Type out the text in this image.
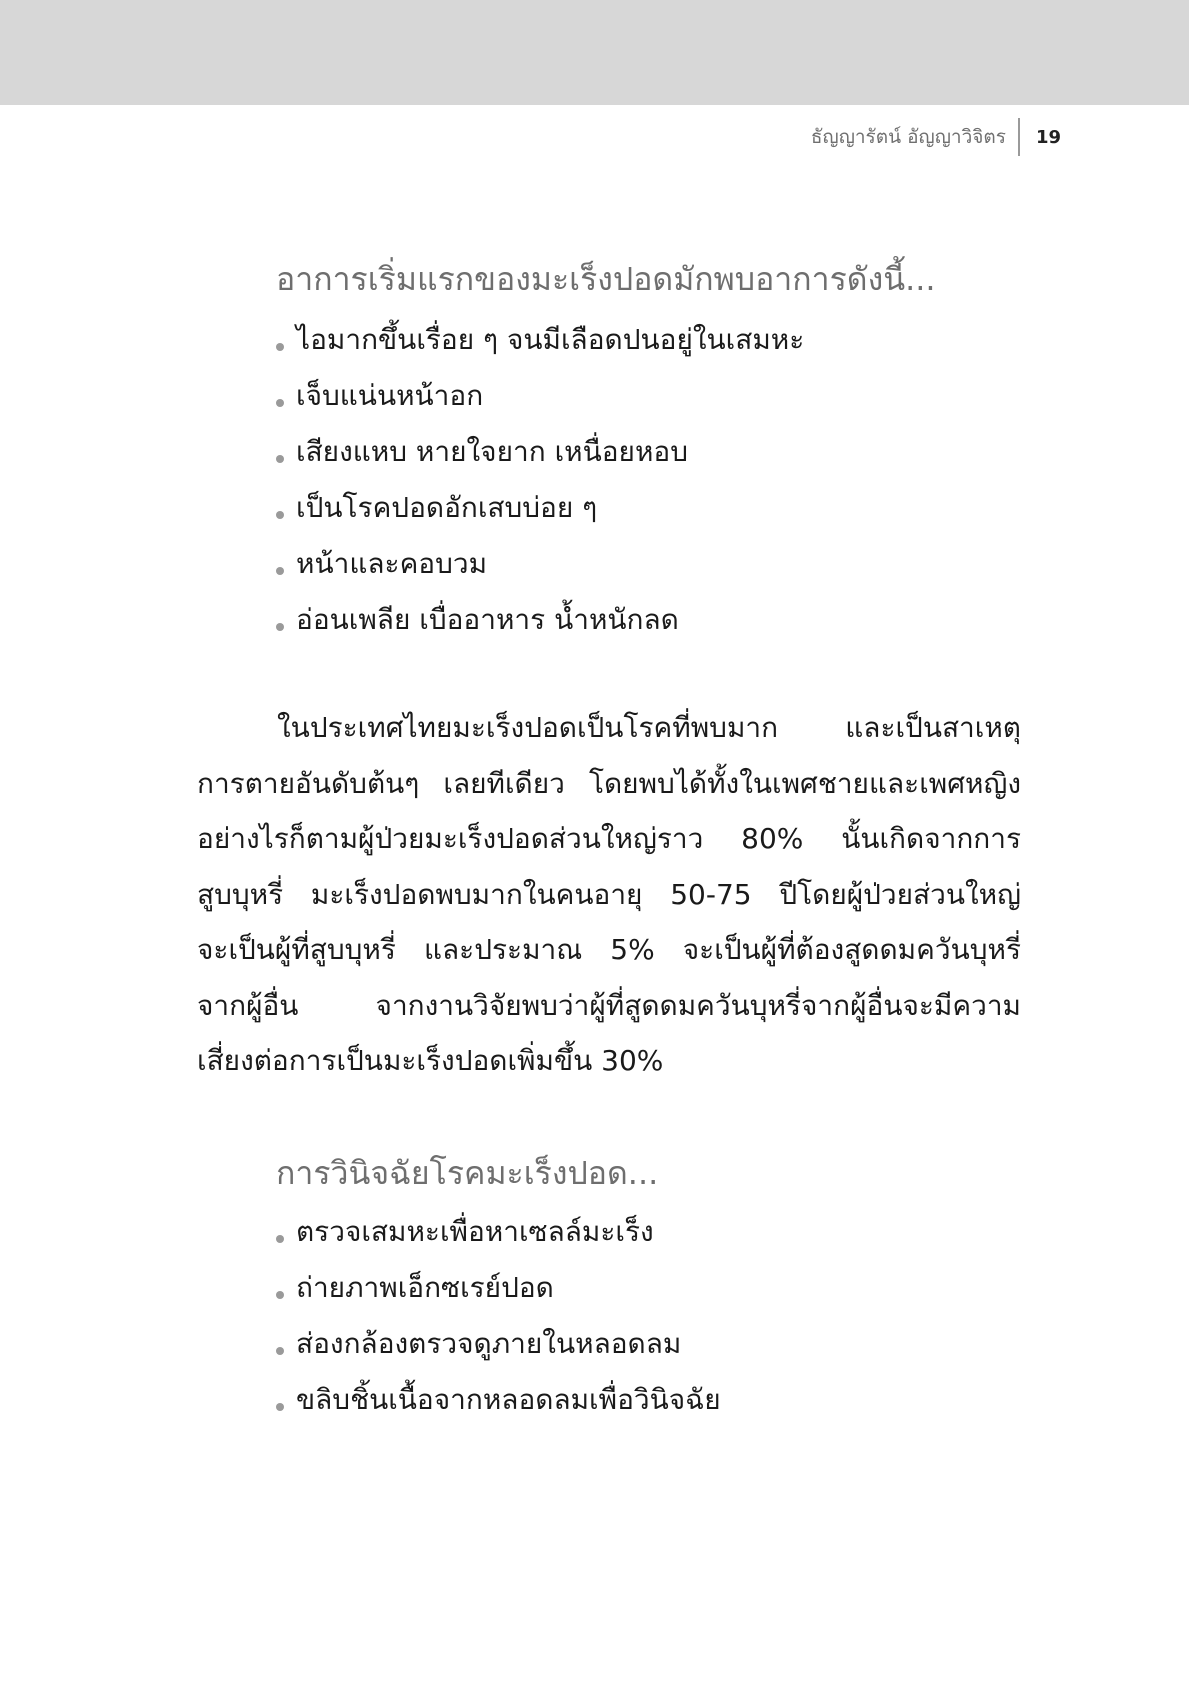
ธัญญารัตน์ อัญญาวิจิตร	19
อาการเริ่มแรกของมะเร็งปอดมักพบอาการดังนี้...
ไอมากขึ้นเรื่อย ๆ จนมีเลือดปนอยู่ในเสมหะ
เจ็บแน่นหน้าอก
เสียงแหบ หายใจยาก เหนื่อยหอบ
เป็นโรคปอดอักเสบบ่อย ๆ
หน้าและคอบวม
อ่อนเพลีย เบื่ออาหาร น้ำหนักลด
ในประเทศไทยมะเร็งปอดเป็นโรคที่พบมาก และเป็นสาเหตุ
การตายอันดับต้นๆ เลยทีเดียว โดยพบได้ทั้งในเพศชายและเพศหญิง
อย่างไรก็ตามผู้ป่วยมะเร็งปอดส่วนใหญ่ราว 80% นั้นเกิดจากการ
สูบบุหรี่ มะเร็งปอดพบมากในคนอายุ 50-75 ปีโดยผู้ป่วยส่วนใหญ่
จะเป็นผู้ที่สูบบุหรี่ และประมาณ 5% จะเป็นผู้ที่ต้องสูดดมควันบุหรี่
จากผู้อื่น จากงานวิจัยพบว่าผู้ที่สูดดมควันบุหรี่จากผู้อื่นจะมีความ
เสี่ยงต่อการเป็นมะเร็งปอดเพิ่มขึ้น 30%
การวินิจฉัยโรคมะเร็งปอด...
ตรวจเสมหะเพื่อหาเซลล์มะเร็ง
ถ่ายภาพเอ็กซเรย์ปอด
ส่องกล้องตรวจดูภายในหลอดลม
ขลิบชิ้นเนื้อจากหลอดลมเพื่อวินิจฉัย
